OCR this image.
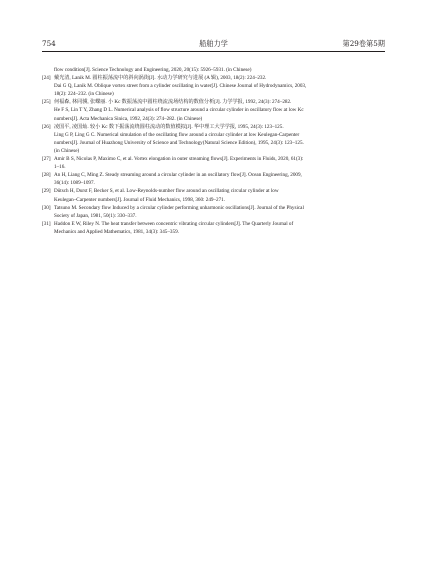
754	船舶力学	第29卷第5期
flow condition[J]. Science Technology and Engineering, 2020, 20(15): 5926–5931. (in Chinese)
[24] 戴光清, Lanik M. 圆柱振荡流中的斜向涡街[J]. 水动力学研究与进展 (A 辑), 2003, 18(2): 224–232.
Dai G Q, Lanik M. Oblique vortex street from a cylinder oscillating in water[J]. Chinese Journal of Hydrodynamics, 2003,
18(2): 224–232. (in Chinese)
[25] 何福森, 林同骥, 张蝶丽. 小 Kc 数振荡流中圆柱绕流流场结构的数值分析[J]. 力学学报, 1992, 24(3): 274–282.
He F S, Lin T Y, Zhang D L. Numerical analysis of flow structure around a circular cylinder in oscillatory flow at low Kc
numbers[J]. Acta Mechanica Sinica, 1992, 24(3): 274–282. (in Chinese)
[26] 凌国平, 凌国灿. 较小 Kc 数下振荡流绕圆柱流动的数值模拟[J]. 华中理工大学学报, 1995, 24(3): 123–125.
Ling G P, Ling G C. Numerical simulation of the oscillating flow around a circular cylinder at low Keulegan-Carpenter
numbers[J]. Journal of Huazhong University of Science and Technology(Natural Science Edition), 1995, 24(3): 123–125.
(in Chinese)
[27] Amir B S, Nicolas P, Maximo C, et al. Vortex elongation in outer streaming flows[J]. Experiments in Fluids, 2020, 61(3):
1–16.
[28] An H, Liang C, Ming Z. Steady streaming around a circular cylinder in an oscillatory flow[J]. Ocean Engineering, 2009,
36(14): 1089–1097.
[29] Dütsch H, Durst F, Becker S, et al. Low-Reynolds-number flow around an oscillating circular cylinder at low
Keulegan–Carpenter numbers[J]. Journal of Fluid Mechanics, 1998, 360: 249–271.
[30] Tatsuno M. Secondary flow Induced by a circular cylinder performing unharmonic oscillations[J]. Journal of the Physical
Society of Japan, 1981, 50(1): 330–337.
[31] Haddon E W, Riley N. The heat transfer between concentric vibrating circular cylinders[J]. The Quarterly Journal of
Mechanics and Applied Mathematics, 1981, 34(3): 345–359.
